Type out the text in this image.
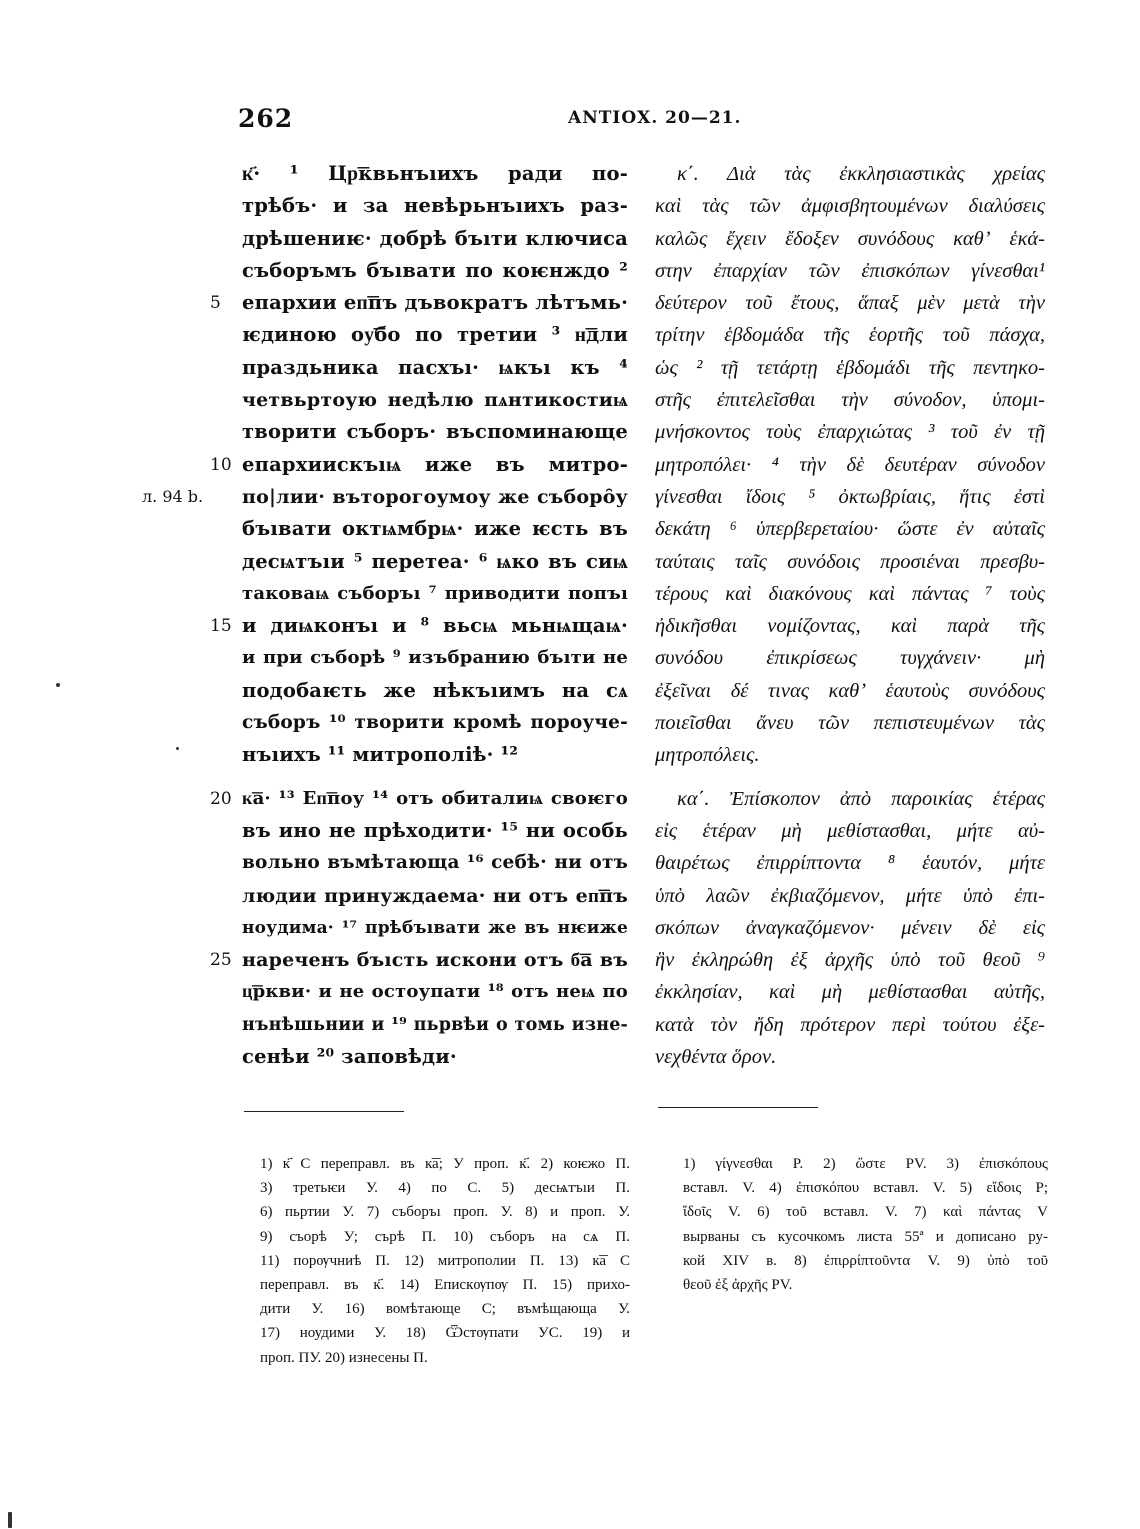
262	ΑΝΤΙΟΧ. 20—21.
к҃· ¹ Цр͞квьнъıихъ ради по-
трѣбъ· и за невѣрьнъıихъ раз-
дрѣшениѥ· добрѣ бъıти ключиса
съборъмъ бъıвати по коѥнждо ²
5	епархии еп͞пъ дъвократъ лѣтъмь·
ѥдиною оу͞бо по третии ³ н͞дли
праздьника пасхъı· ѩкъı къ ⁴
четвьртоую недѣлю пѧнтикостиѩ
творити съборъ· въспоминающе
10 епархиискъıѩ иже въ митро-
л. 94 b. по|лии· въторогоумоу же съборо̑у
бъıвати октѩмбрѩ· иже ѥсть въ
десѩтъıи ⁵ перетеа· ⁶ ѩко въ сиѩ
таковаѩ съборъı ⁷ приводити попъı
15 и диѩконъı и ⁸ вьсѩ мьнѩщаѩ·
и при съборѣ ⁹ изъбранию бъıти не
подобаѥть же нѣкъıимъ на сѧ
съборъ ¹⁰ творити кромѣ пороучe-
нъıихъ ¹¹ митрополiѣ· ¹²
20 к͞а· ¹³ Еп͞поу ¹⁴ отъ обиталиѩ своѥго
въ ино не прѣходити· ¹⁵ ни особь
вольно въмѣтающа ¹⁶ себѣ· ни отъ
людии принуждаема· ни отъ еп͞пъ
ноудима· ¹⁷ прѣбъıвати же въ нѥиже
25 нареченъ бъıсть искони отъ б͞а въ
ц͞ркви· и не остоупати ¹⁸ отъ неѩ по
нънѣшьнии и ¹⁹ пьрвѣи о томь изне-
сенѣи ²⁰ заповѣди·
κ΄. Διὰ τὰς ἐκκλησιαστικὰς χρείας
καὶ τὰς τῶν ἀμφισβητουμένων διαλύσεις
καλῶς ἔχειν ἔδοξεν συνόδους καθʼ ἑκά-
στην ἐπαρχίαν τῶν ἐπισκόπων γίνεσθαι¹
δεύτερον τοῦ ἔτους, ἅπαξ μὲν μετὰ τὴν
τρίτην ἑβδομάδα τῆς ἑορτῆς τοῦ πάσχα,
ὡς ² τῇ τετάρτῃ ἑβδομάδι τῆς πεντηκο-
στῆς ἐπιτελεῖσθαι τὴν σύνοδον, ὑπομι-
μνήσκοντος τοὺς ἐπαρχιώτας ³ τοῦ ἐν τῇ
μητροπόλει· ⁴ τὴν δὲ δευτέραν σύνοδον
γίνεσθαι ἴδοις ⁵ ὀκτωβρίαις, ἥτις ἐστὶ
δεκάτη ⁶ ὑπερβερεταίου· ὥστε ἐν αὐταῖς
ταύταις ταῖς συνόδοις προσιέναι πρεσβυ-
τέρους καὶ διακόνους καὶ πάντας ⁷ τοὺς
ἠδικῆσθαι νομίζοντας, καὶ παρὰ τῆς
συνόδου ἐπικρίσεως τυγχάνειν· μὴ
ἐξεῖναι δέ τινας καθʼ ἑαυτοὺς συνόδους
ποιεῖσθαι ἄνευ τῶν πεπιστευμένων τὰς
μητροπόλεις.
κα΄. Ἐπίσκοπον ἀπὸ παροικίας ἑτέρας
εἰς ἑτέραν μὴ μεθίστασθαι, μήτε αὐ-
θαιρέτως ἐπιρρίπτοντα ⁸ ἑαυτόν, μήτε
ὑπὸ λαῶν ἐκβιαζόμενον, μήτε ὑπὸ ἐπι-
σκόπων ἀναγκαζόμενον· μένειν δὲ εἰς
ἣν ἐκληρώθη ἐξ ἀρχῆς ὑπὸ τοῦ θεοῦ ⁹
ἐκκλησίαν, καὶ μὴ μεθίστασθαι αὐτῆς,
κατὰ τὸν ἤδη πρότερον περὶ τούτου ἐξε-
νεχθέντα ὅρον.
1) к҃ С перепрaвл. въ к͞а; У проп. к҃. 2) коѥжо П.
3) третьѥи У. 4) по С. 5) десѩтъıи П.
6) пьртии У. 7) съборъı проп. У. 8) и проп. У.
9) съорѣ У; сърѣ П. 10) съборъ на сѧ П.
11) порѹчниѣ П. 12) митрополии П. 13) к͞а С
перепрaвл. въ к҃. 14) Епискѹпѹ П. 15) прихо-
дити У. 16) вомѣтающе С; въмѣщающа У.
17) ноудими У. 18) Ѿстѹпати УС. 19) и
проп. ПУ. 20) изнесены П.
1) γίγνεσθαι P. 2) ὥστε PV. 3) ἐπισκόπους
вставл. V. 4) ἐπισκόπου вставл. V. 5) εἴδοις P;
ἴδοῖς V. 6) τοῦ вставл. V. 7) καὶ πάντας V
вырваны съ кусочкомъ листа 55ª и дописано ру-
кой XIV в. 8) ἐπιρρίπτοῦντα V. 9) ὑπὸ τοῦ
θεοῦ ἐξ ἀρχῆς PV.
